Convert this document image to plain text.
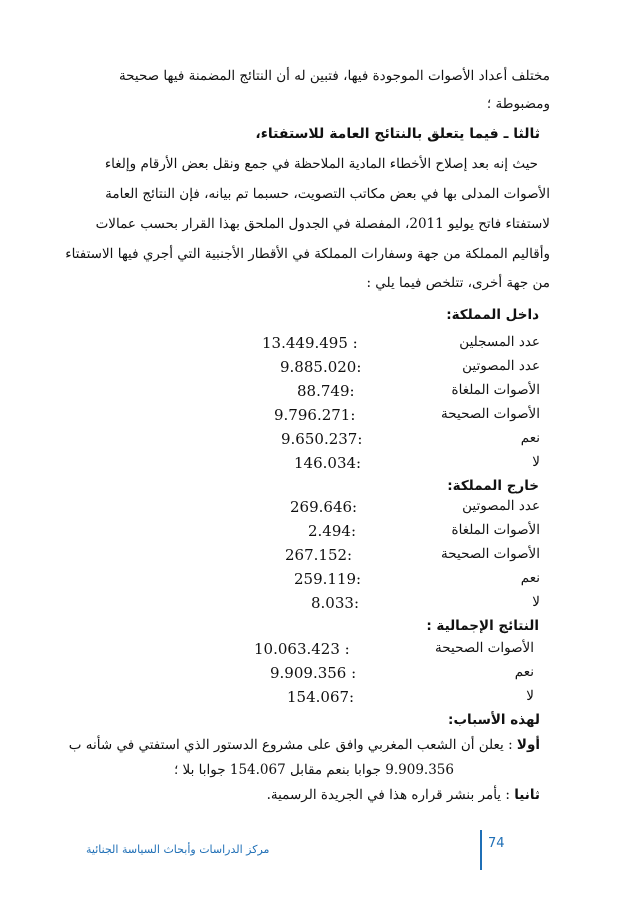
مختلف أعداد الأصوات الموجودة فيها، فتبين له أن النتائج المضمنة فيها صحيحة
ومضبوطة ؛
ثالثا ـ فيما يتعلق بالنتائج العامة للاستفتاء،
حيث إنه بعد إصلاح الأخطاء المادية الملاحظة في جمع ونقل بعض الأرقام وإلغاء
الأصوات المدلى بها في بعض مكاتب التصويت، حسبما تم بيانه، فإن النتائج العامة
لاستفتاء فاتح يوليو 2011، المفصلة في الجدول الملحق بهذا القرار بحسب عمالات
وأقاليم المملكة من جهة وسفارات المملكة في الأقطار الأجنبية التي أجري فيها الاستفتاء
من جهة أخرى، تتلخص فيما يلي :
داخل المملكة:
عدد المسجلين
13.449.495 :
عدد المصوتين
9.885.020:
الأصوات الملغاة
88.749:
الأصوات الصحيحة
9.796.271:
نعم
9.650.237:
لا
146.034:
خارج المملكة:
عدد المصوتين
269.646:
الأصوات الملغاة
2.494:
الأصوات الصحيحة
267.152:
نعم
259.119:
لا
8.033:
النتائج الإجمالية :
الأصوات الصحيحة
10.063.423 :
نعم
9.909.356 :
لا
154.067:
لهذه الأسباب:
أولا : يعلن أن الشعب المغربي وافق على مشروع الدستور الذي استفتي في شأنه ب
9.909.356 جوابا بنعم مقابل 154.067 جوابا بلا ؛
ثانيا : يأمر بنشر قراره هذا في الجريدة الرسمية.
74
مركز الدراسات وأبحاث السياسة الجنائية
